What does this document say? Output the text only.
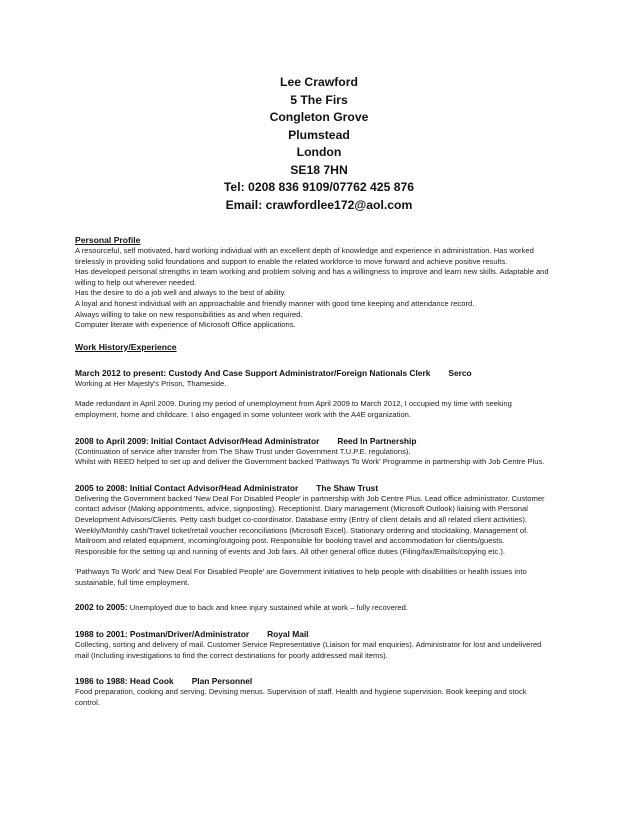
Lee Crawford
5 The Firs
Congleton Grove
Plumstead
London
SE18 7HN
Tel: 0208 836 9109/07762 425 876
Email: crawfordlee172@aol.com
Personal Profile
A resourceful, self motivated, hard working individual with an excellent depth of knowledge and experience in administration. Has worked
tirelessly in providing solid foundations and support to enable the related workforce to move forward and achieve positive results.
Has developed personal strengths in team working and problem solving and has a willingness to improve and learn new skills. Adaptable and
willing to help out wherever needed.
Has the desire to do a job well and always to the best of ability.
A loyal and honest individual with an approachable and friendly manner with good time keeping and attendance record.
Always willing to take on new responsibilities as and when required.
Computer literate with experience of Microsoft Office applications.
Work History/Experience
March 2012 to present: Custody And Case Support Administrator/Foreign Nationals Clerk Serco
Working at Her Majesty's Prison, Thameside.
Made redundant in April 2009. During my period of unemployment from April 2009 to March 2012, I occupied my time with seeking
employment, home and childcare. I also engaged in some volunteer work with the A4E organization.
2008 to April 2009: Initial Contact Advisor/Head Administrator Reed In Partnership
(Continuation of service after transfer from The Shaw Trust under Government T.U.P.E. regulations).
Whilst with REED helped to set up and deliver the Government backed 'Pathways To Work' Programme in partnership with Job Centre Plus.
2005 to 2008: Initial Contact Advisor/Head Administrator The Shaw Trust
Delivering the Government backed 'New Deal For Disabled People' in partnership with Job Centre Plus. Lead office administrator. Customer
contact advisor (Making appointments, advice, signposting). Receptionist. Diary management (Microsoft Outlook) liaising with Personal
Development Advisors/Clients. Petty cash budget co-coordinator. Database entry (Entry of client details and all related client activities).
Weekly/Monthly cash/Travel ticket/retail voucher reconciliations (Microsoft Excel). Stationary ordering and stocktaking. Management of.
Mailroom and related equipment, incoming/outgoing post. Responsible for booking travel and accommodation for clients/guests.
Responsible for the setting up and running of events and Job fairs. All other general office duties (Filing/fax/Emails/copying etc.).
'Pathways To Work' and 'New Deal For Disabled People' are Government initiatives to help people with disabilities or health issues into
sustainable, full time employment.
2002 to 2005: Unemployed due to back and knee injury sustained while at work – fully recovered.
1988 to 2001: Postman/Driver/Administrator Royal Mail
Collecting, sorting and delivery of mail. Customer Service Representative (Liaison for mail enquiries). Administrator for lost and undelivered
mail (Including investigations to find the correct destinations for poorly addressed mail items).
1986 to 1988: Head Cook Plan Personnel
Food preparation, cooking and serving. Devising menus. Supervision of staff. Health and hygiene supervision. Book keeping and stock
control.
